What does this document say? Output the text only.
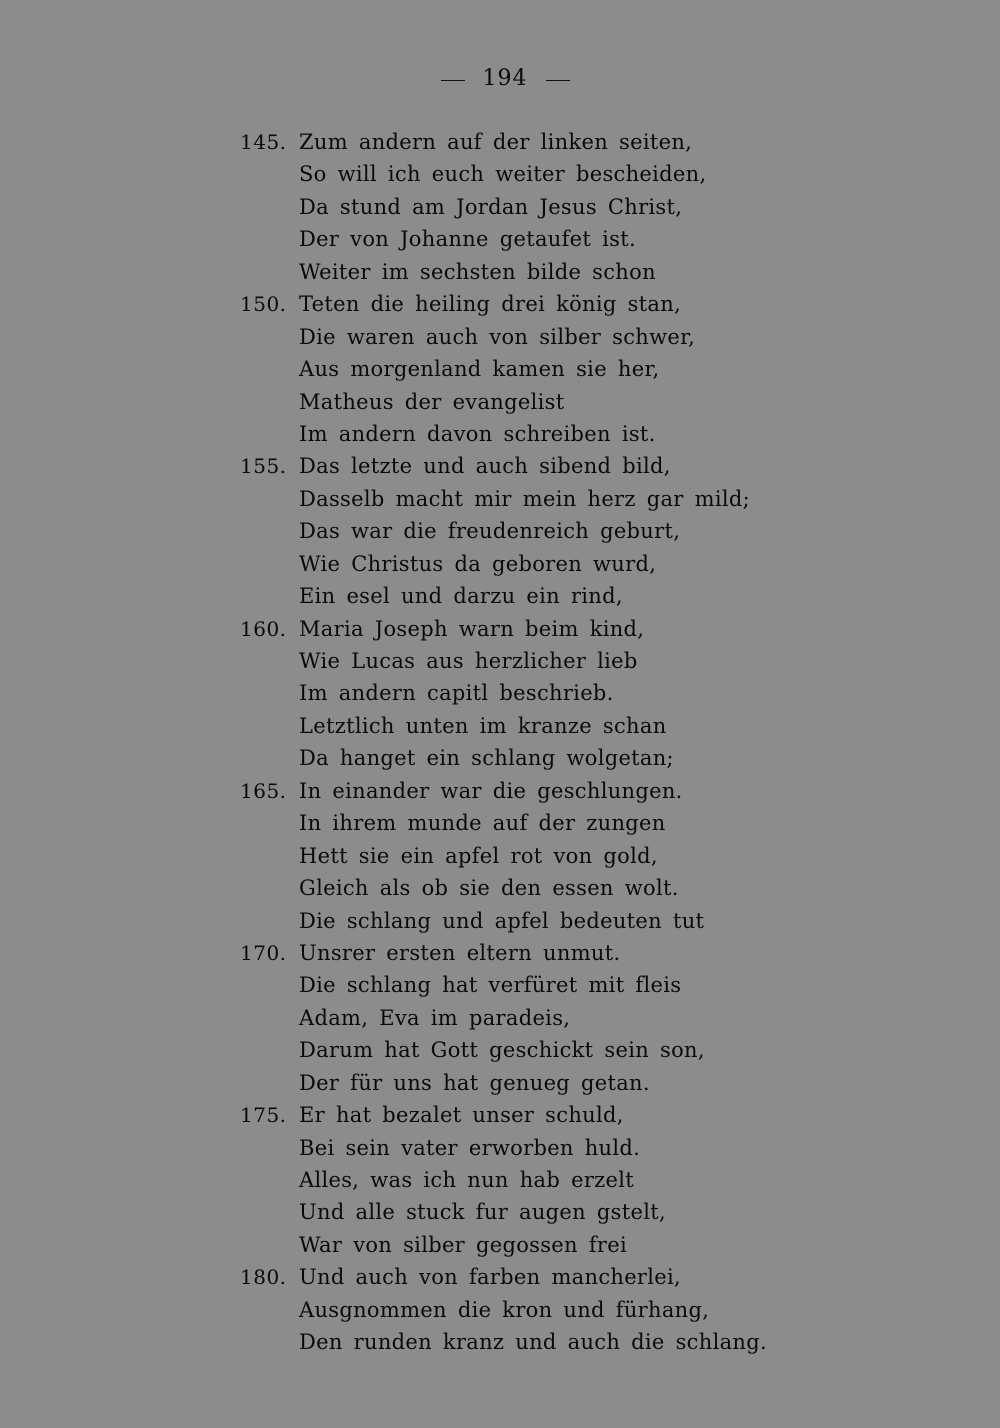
194
145. Zum andern auf der linken seiten,
So will ich euch weiter bescheiden,
Da stund am Jordan Jesus Christ,
Der von Johanne getaufet ist.
Weiter im sechsten bilde schon
150. Teten die heiling drei könig stan,
Die waren auch von silber schwer,
Aus morgenland kamen sie her,
Matheus der evangelist
Im andern davon schreiben ist.
155. Das letzte und auch sibend bild,
Dasselb macht mir mein herz gar mild;
Das war die freudenreich geburt,
Wie Christus da geboren wurd,
Ein esel und darzu ein rind,
160. Maria Joseph warn beim kind,
Wie Lucas aus herzlicher lieb
Im andern capitl beschrieb.
Letztlich unten im kranze schan
Da hanget ein schlang wolgetan;
165. In einander war die geschlungen.
In ihrem munde auf der zungen
Hett sie ein apfel rot von gold,
Gleich als ob sie den essen wolt.
Die schlang und apfel bedeuten tut
170. Unsrer ersten eltern unmut.
Die schlang hat verfüret mit fleis
Adam, Eva im paradeis,
Darum hat Gott geschickt sein son,
Der für uns hat genueg getan.
175. Er hat bezalet unser schuld,
Bei sein vater erworben huld.
Alles, was ich nun hab erzelt
Und alle stuck fur augen gstelt,
War von silber gegossen frei
180. Und auch von farben mancherlei,
Ausgnommen die kron und fürhang,
Den runden kranz und auch die schlang.
